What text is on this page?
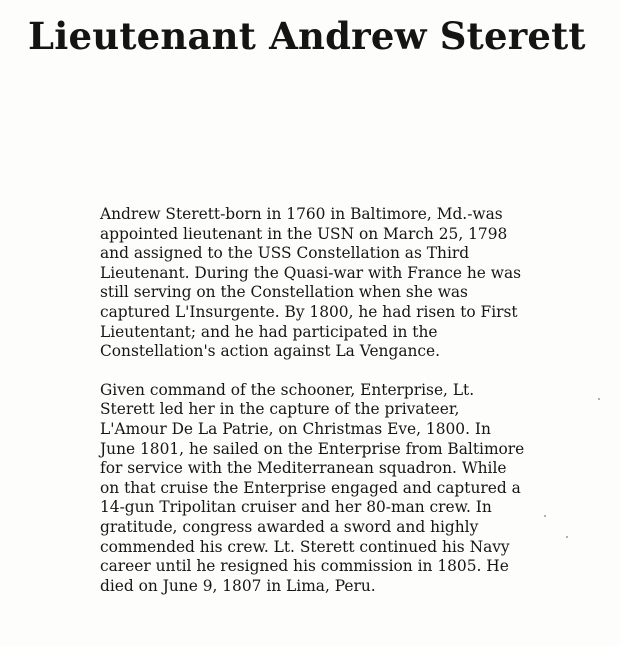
Lieutenant Andrew Sterett

Andrew Sterett-born in 1760 in Baltimore, Md.-was
appointed lieutenant in the USN on March 25, 1798
and assigned to the USS Constellation as Third
Lieutenant. During the Quasi-war with France he was
still serving on the Constellation when she was
captured L'Insurgente. By 1800, he had risen to First
Lieutentant; and he had participated in the
Constellation's action against La Vengance.

Given command of the schooner, Enterprise, Lt.
Sterett led her in the capture of the privateer,
L'Amour De La Patrie, on Christmas Eve, 1800. In
June 1801, he sailed on the Enterprise from Baltimore
for service with the Mediterranean squadron. While
on that cruise the Enterprise engaged and captured a
14-gun Tripolitan cruiser and her 80-man crew. In
gratitude, congress awarded a sword and highly
commended his crew. Lt. Sterett continued his Navy
career until he resigned his commission in 1805. He
died on June 9, 1807 in Lima, Peru.
